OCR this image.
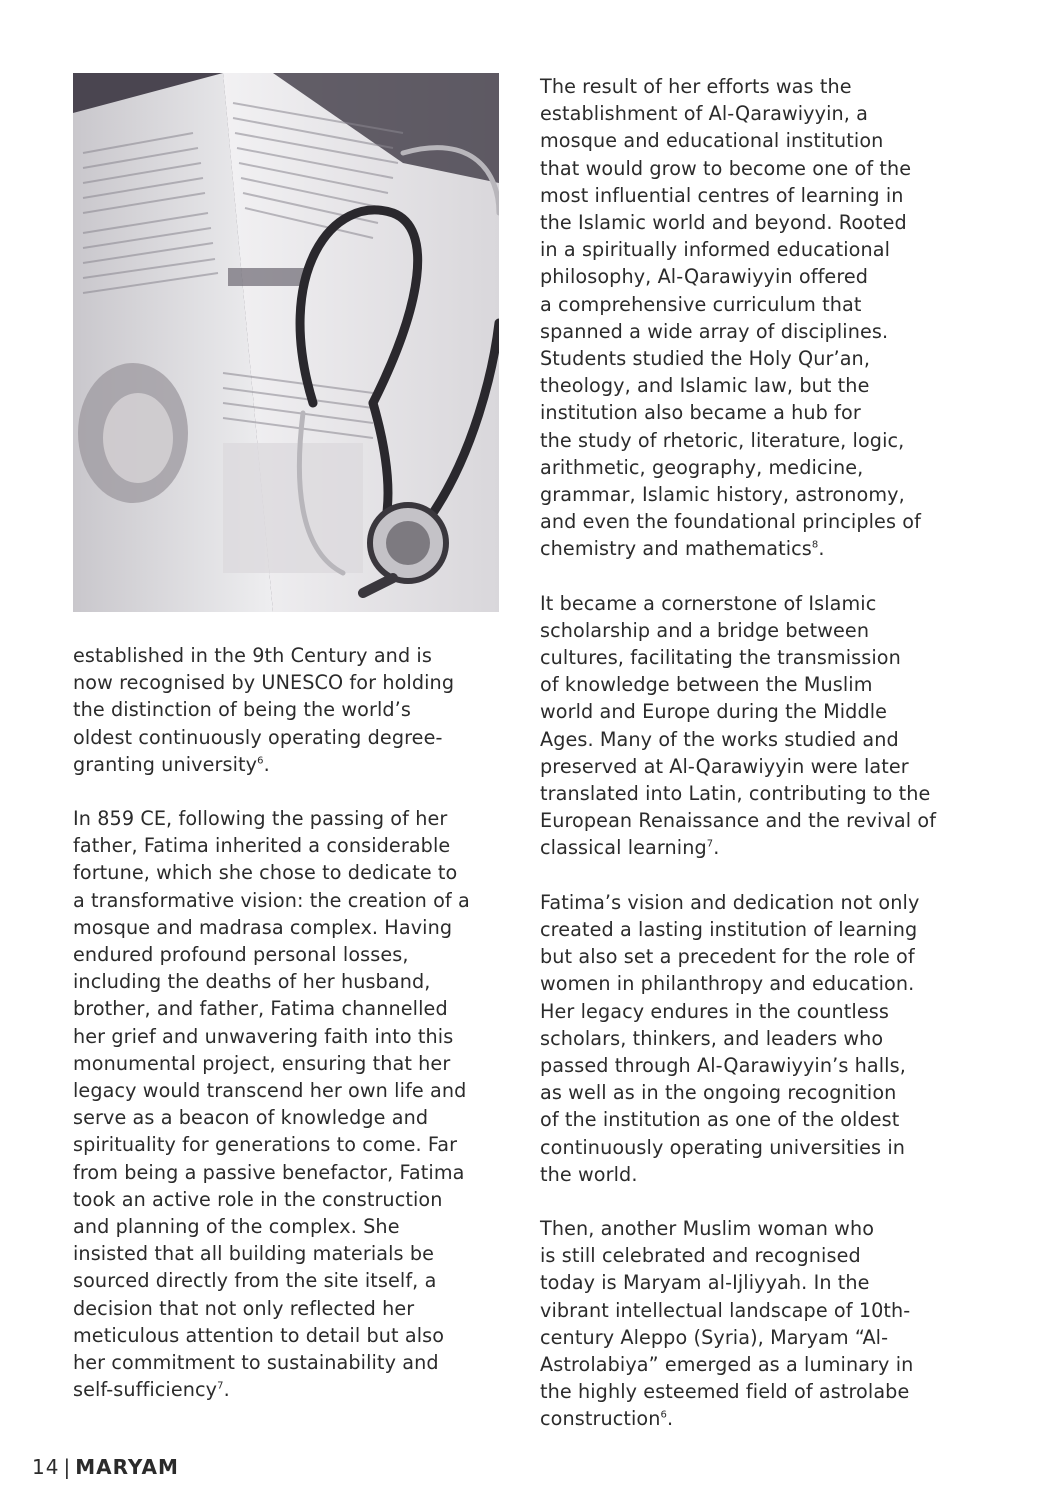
established in the 9th Century and is
now recognised by UNESCO for holding
the distinction of being the world’s
oldest continuously operating degree-
granting university$^6$.

In 859 CE, following the passing of her
father, Fatima inherited a considerable
fortune, which she chose to dedicate to
a transformative vision: the creation of a
mosque and madrasa complex. Having
endured profound personal losses,
including the deaths of her husband,
brother, and father, Fatima channelled
her grief and unwavering faith into this
monumental project, ensuring that her
legacy would transcend her own life and
serve as a beacon of knowledge and
spirituality for generations to come. Far
from being a passive benefactor, Fatima
took an active role in the construction
and planning of the complex. She
insisted that all building materials be
sourced directly from the site itself, a
decision that not only reflected her
meticulous attention to detail but also
her commitment to sustainability and
self-sufficiency$^7$.

The result of her efforts was the
establishment of Al-Qarawiyyin, a
mosque and educational institution
that would grow to become one of the
most influential centres of learning in
the Islamic world and beyond. Rooted
in a spiritually informed educational
philosophy, Al-Qarawiyyin offered
a comprehensive curriculum that
spanned a wide array of disciplines.
Students studied the Holy Qur’an,
theology, and Islamic law, but the
institution also became a hub for
the study of rhetoric, literature, logic,
arithmetic, geography, medicine,
grammar, Islamic history, astronomy,
and even the foundational principles of
chemistry and mathematics$^8$.

It became a cornerstone of Islamic
scholarship and a bridge between
cultures, facilitating the transmission
of knowledge between the Muslim
world and Europe during the Middle
Ages. Many of the works studied and
preserved at Al-Qarawiyyin were later
translated into Latin, contributing to the
European Renaissance and the revival of
classical learning$^7$.

Fatima’s vision and dedication not only
created a lasting institution of learning
but also set a precedent for the role of
women in philanthropy and education.
Her legacy endures in the countless
scholars, thinkers, and leaders who
passed through Al-Qarawiyyin’s halls,
as well as in the ongoing recognition
of the institution as one of the oldest
continuously operating universities in
the world.

Then, another Muslim woman who
is still celebrated and recognised
today is Maryam al-Ijliyyah. In the
vibrant intellectual landscape of 10th-
century Aleppo (Syria), Maryam “Al-
Astrolabiya” emerged as a luminary in
the highly esteemed field of astrolabe
construction$^6$.

14 | MARYAM
